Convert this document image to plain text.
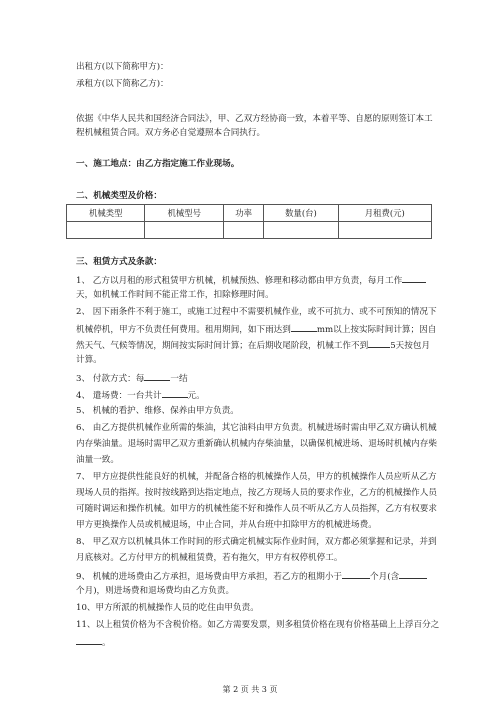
出租方(以下简称甲方)：
承租方(以下简称乙方)：
依据《中华人民共和国经济合同法》，甲、乙双方经协商一致，本着平等、自愿的原则签订本工
程机械租赁合同。双方务必自觉遵照本合同执行。
一、施工地点：由乙方指定施工作业现场。
二、机械类型及价格：
机械类型	机械型号	功率	数量(台)	月租费(元)

三、租赁方式及条款：
1、 乙方以月租的形式租赁甲方机械，机械预热、修理和移动都由甲方负责，每月工作
天，如机械工作时间不能正常工作，扣除修理时间。
2、 因下雨条件不利于施工，或施工过程中不需要机械作业，或不可抗力、或不可预知的情况下
机械停机，甲方不负责任何费用。租用期间，如下雨达到	mm以上按实际时间计算；因自
然天气、气候等情况，期间按实际时间计算；在后期收尾阶段，机械工作不到	5天按包月
计算。
3、 付款方式：每	一结
4、 遣场费：一台共计	元。
5、 机械的看护、维修、保养由甲方负责。
6、 由乙方提供机械作业所需的柴油，其它油料由甲方负责。机械进场时需由甲乙双方确认机械
内存柴油量。退场时需甲乙双方重新确认机械内存柴油量，以确保机械进场、退场时机械内存柴
油量一致。
7、 甲方应提供性能良好的机械，并配备合格的机械操作人员，甲方的机械操作人员应听从乙方
现场人员的指挥。按时按线路到达指定地点，按乙方现场人员的要求作业，乙方的机械操作人员
可随时调运和操作机械。如甲方的机械性能不好和操作人员不听从乙方人员指挥，乙方有权要求
甲方更换操作人员或机械退场，中止合同，并从台班中扣除甲方的机械进场费。
8、 甲乙双方以机械具体工作时间的形式确定机械实际作业时间，双方都必须掌握和记录，并到
月底核对。乙方付甲方的机械租赁费，若有拖欠，甲方有权停机停工。
9、 机械的进场费由乙方承担，退场费由甲方承担，若乙方的租期小于	个月(含
个月)，则进场费和退场费均由乙方负责。
10、甲方所派的机械操作人员的吃住由甲负责。
11、以上租赁价格为不含税价格。如乙方需要发票，则多租赁价格在现有价格基础上上浮百分之
。
第 2 页 共 3 页
